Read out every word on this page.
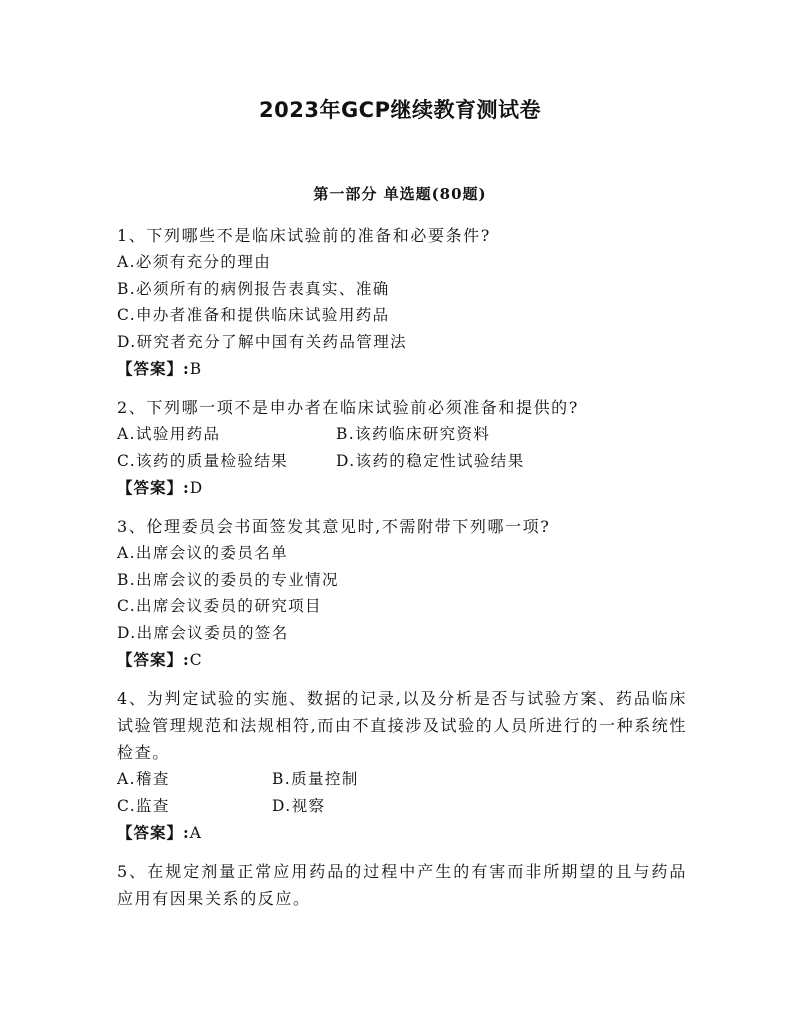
2023年GCP继续教育测试卷
第一部分 单选题(80题)
1、下列哪些不是临床试验前的准备和必要条件?
A.必须有充分的理由
B.必须所有的病例报告表真实、准确
C.申办者准备和提供临床试验用药品
D.研究者充分了解中国有关药品管理法
【答案】:B
2、下列哪一项不是申办者在临床试验前必须准备和提供的?
A.试验用药品	B.该药临床研究资料
C.该药的质量检验结果	D.该药的稳定性试验结果
【答案】:D
3、伦理委员会书面签发其意见时,不需附带下列哪一项?
A.出席会议的委员名单
B.出席会议的委员的专业情况
C.出席会议委员的研究项目
D.出席会议委员的签名
【答案】:C
4、为判定试验的实施、数据的记录,以及分析是否与试验方案、药品临床试验管理规范和法规相符,而由不直接涉及试验的人员所进行的一种系统性检查。
A.稽查	B.质量控制
C.监查	D.视察
【答案】:A
5、在规定剂量正常应用药品的过程中产生的有害而非所期望的且与药品应用有因果关系的反应。
